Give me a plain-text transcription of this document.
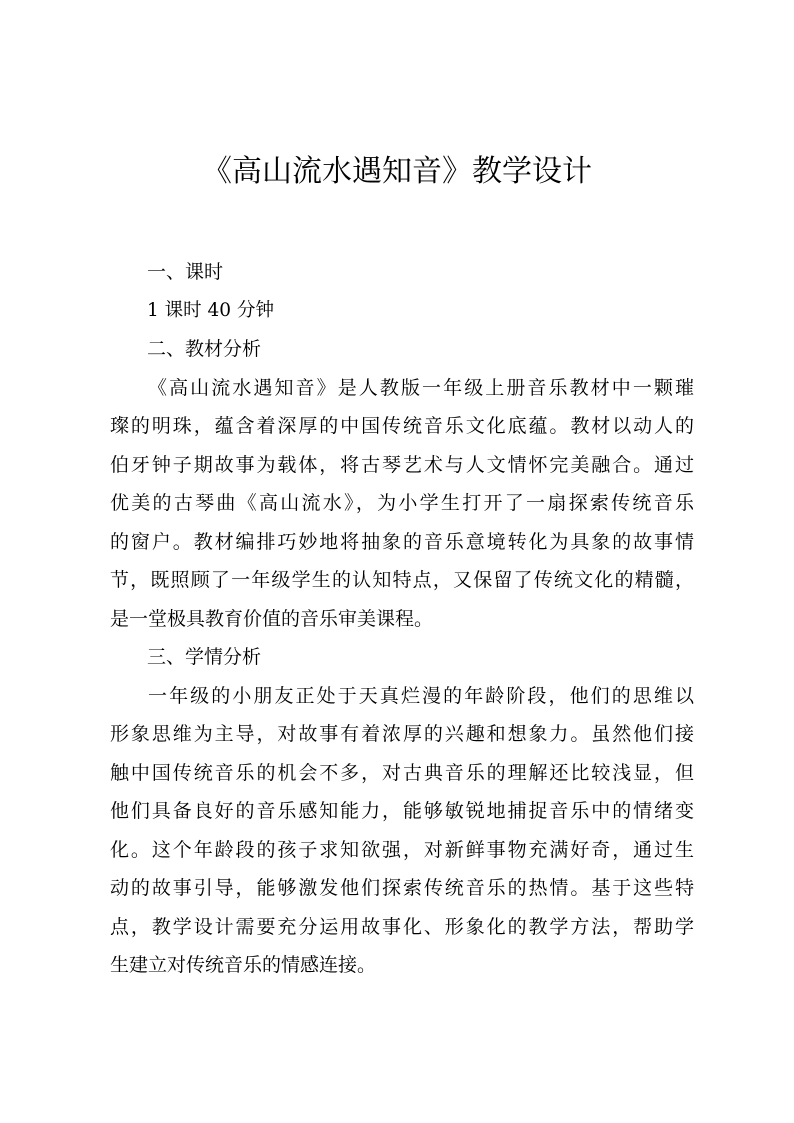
《高山流水遇知音》教学设计
一、课时

1 课时 40 分钟

二、教材分析

《高山流水遇知音》是人教版一年级上册音乐教材中一颗璀
璨的明珠，蕴含着深厚的中国传统音乐文化底蕴。教材以动人的
伯牙钟子期故事为载体，将古琴艺术与人文情怀完美融合。通过
优美的古琴曲《高山流水》，为小学生打开了一扇探索传统音乐
的窗户。教材编排巧妙地将抽象的音乐意境转化为具象的故事情
节，既照顾了一年级学生的认知特点，又保留了传统文化的精髓，
是一堂极具教育价值的音乐审美课程。

三、学情分析

一年级的小朋友正处于天真烂漫的年龄阶段，他们的思维以
形象思维为主导，对故事有着浓厚的兴趣和想象力。虽然他们接
触中国传统音乐的机会不多，对古典音乐的理解还比较浅显，但
他们具备良好的音乐感知能力，能够敏锐地捕捉音乐中的情绪变
化。这个年龄段的孩子求知欲强，对新鲜事物充满好奇，通过生
动的故事引导，能够激发他们探索传统音乐的热情。基于这些特
点，教学设计需要充分运用故事化、形象化的教学方法，帮助学
生建立对传统音乐的情感连接。
